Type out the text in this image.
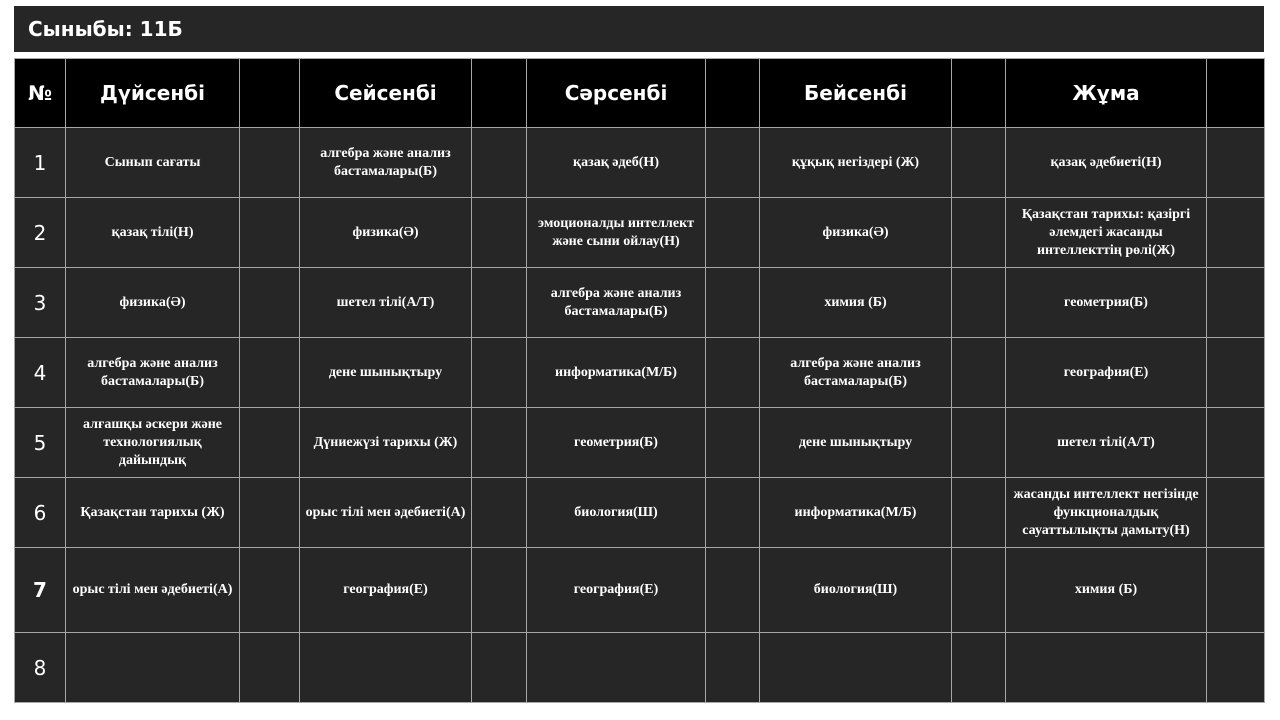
Сыныбы: 11Б
№	Дүйсенбі		Сейсенбі		Сәрсенбі		Бейсенбі		Жұма	
1	Сынып сағаты		алгебра және анализ бастамалары(Б)		қазақ әдеб(Н)		құқық негіздері (Ж)		қазақ әдебиеті(Н)	
2	қазақ тілі(Н)		физика(Ә)		эмоционалды интеллект және сыни ойлау(Н)		физика(Ә)		Қазақстан тарихы: қазіргі әлемдегі жасанды интеллекттің рөлі(Ж)	
3	физика(Ә)		шетел тілі(А/Т)		алгебра және анализ бастамалары(Б)		химия (Б)		геометрия(Б)	
4	алгебра және анализ бастамалары(Б)		дене шынықтыру		информатика(М/Б)		алгебра және анализ бастамалары(Б)		география(Е)	
5	алғашқы әскери және технологиялық дайындық		Дүниежүзі тарихы (Ж)		геометрия(Б)		дене шынықтыру		шетел тілі(А/Т)	
6	Қазақстан тарихы (Ж)		орыс тілі мен әдебиеті(А)		биология(Ш)		информатика(М/Б)		жасанды интеллект негізінде функционалдық сауаттылықты дамыту(Н)	
7	орыс тілі мен әдебиеті(А)		география(Е)		география(Е)		биология(Ш)		химия (Б)	
8										
